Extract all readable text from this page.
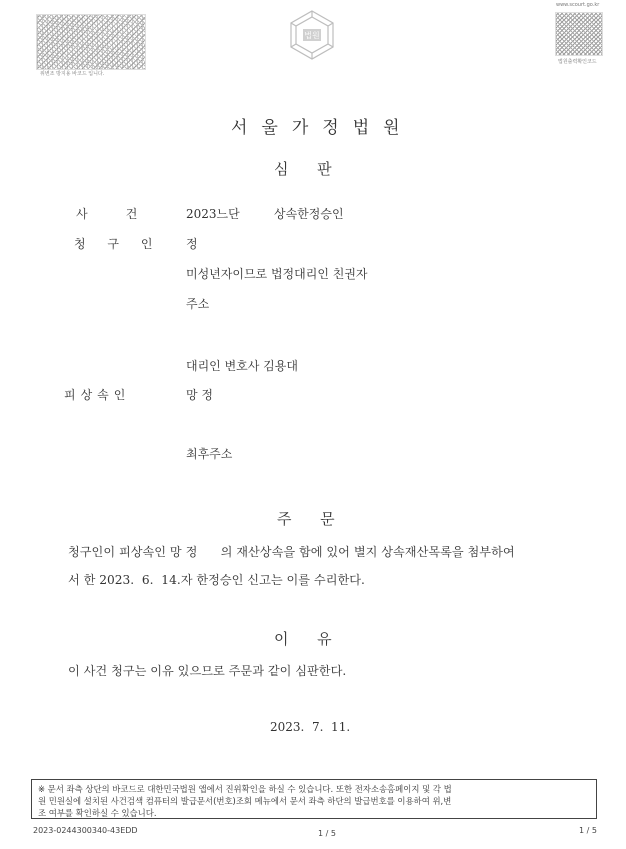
위변조 방지용 바코드 입니다.
법원
www.scourt.go.kr
법원출력확인코드
서울가정법원
심      판
사          건	2023느단	상속한정승인
청 구 인 정
미성년자이므로 법정대리인 친권자
주소
대리인 변호사 김용대
피상속인	망 정
최후주소
주      문
청구인이 피상속인 망 정      의 재산상속을 함에 있어 별지 상속재산목록을 첨부하여
서 한 2023.  6.  14.자 한정승인 신고는 이를 수리한다.
이      유
이 사건 청구는 이유 있으므로 주문과 같이 심판한다.
2023.  7.  11.
※ 문서 좌측 상단의 바코드로 대한민국법원 앱에서 진위확인을 하실 수 있습니다. 또한 전자소송홈페이지 및 각 법
원 민원실에 설치된 사건검색 컴퓨터의 발급문서(번호)조회 메뉴에서 문서 좌측 하단의 발급번호를 이용하여 위,변
조 여부를 확인하실 수 있습니다.
2023-0244300340-43EDD	1 / 5	1 / 5
